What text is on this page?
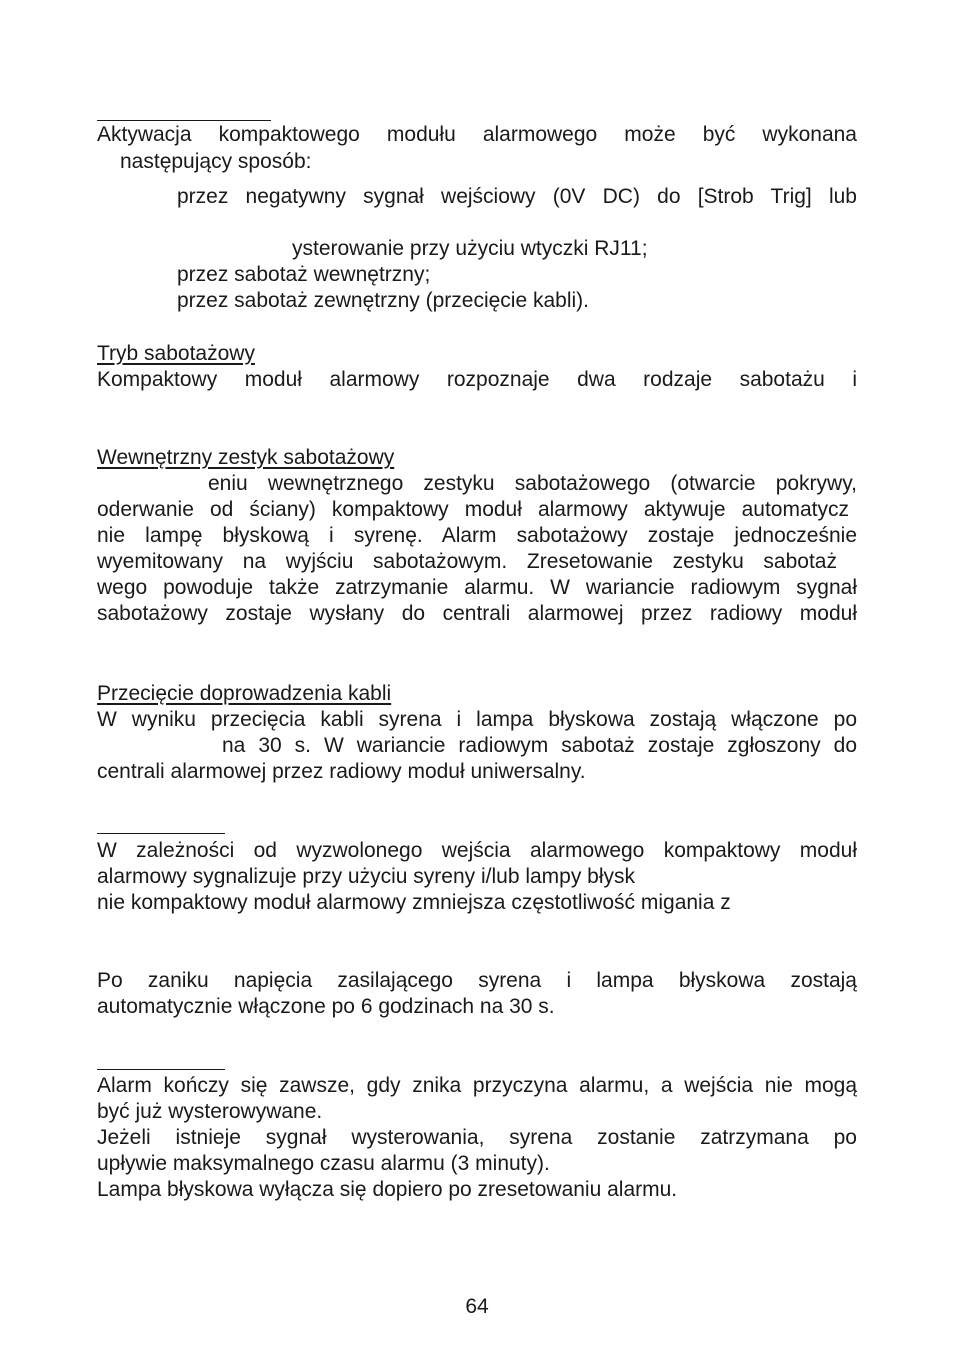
Aktywacja kompaktowego modułu alarmowego może być wykonana
następujący sposób:
przez negatywny sygnał wejściowy (0V DC) do [Strob Trig] lub
ysterowanie przy użyciu wtyczki RJ11;
przez sabotaż wewnętrzny;
przez sabotaż zewnętrzny (przecięcie kabli).
Tryb sabotażowy
Kompaktowy moduł alarmowy rozpoznaje dwa rodzaje sabotażu i
Wewnętrzny zestyk sabotażowy
eniu wewnętrznego zestyku sabotażowego (otwarcie pokrywy,
oderwanie od ściany) kompaktowy moduł alarmowy aktywuje automatycz
nie lampę błyskową i syrenę. Alarm sabotażowy zostaje jednocześnie
wyemitowany na wyjściu sabotażowym. Zresetowanie zestyku sabotaż
wego powoduje także zatrzymanie alarmu. W wariancie radiowym sygnał
sabotażowy zostaje wysłany do centrali alarmowej przez radiowy moduł
Przecięcie doprowadzenia kabli
W wyniku przecięcia kabli syrena i lampa błyskowa zostają włączone po
na 30 s. W wariancie radiowym sabotaż zostaje zgłoszony do
centrali alarmowej przez radiowy moduł uniwersalny.
W zależności od wyzwolonego wejścia alarmowego kompaktowy moduł
alarmowy sygnalizuje przy użyciu syreny i/lub lampy błysk
nie kompaktowy moduł alarmowy zmniejsza częstotliwość migania z
Po zaniku napięcia zasilającego syrena i lampa błyskowa zostają
automatycznie włączone po 6 godzinach na 30 s.
Alarm kończy się zawsze, gdy znika przyczyna alarmu, a wejścia nie mogą
być już wysterowywane.
Jeżeli istnieje sygnał wysterowania, syrena zostanie zatrzymana po
upływie maksymalnego czasu alarmu (3 minuty).
Lampa błyskowa wyłącza się dopiero po zresetowaniu alarmu.
64
